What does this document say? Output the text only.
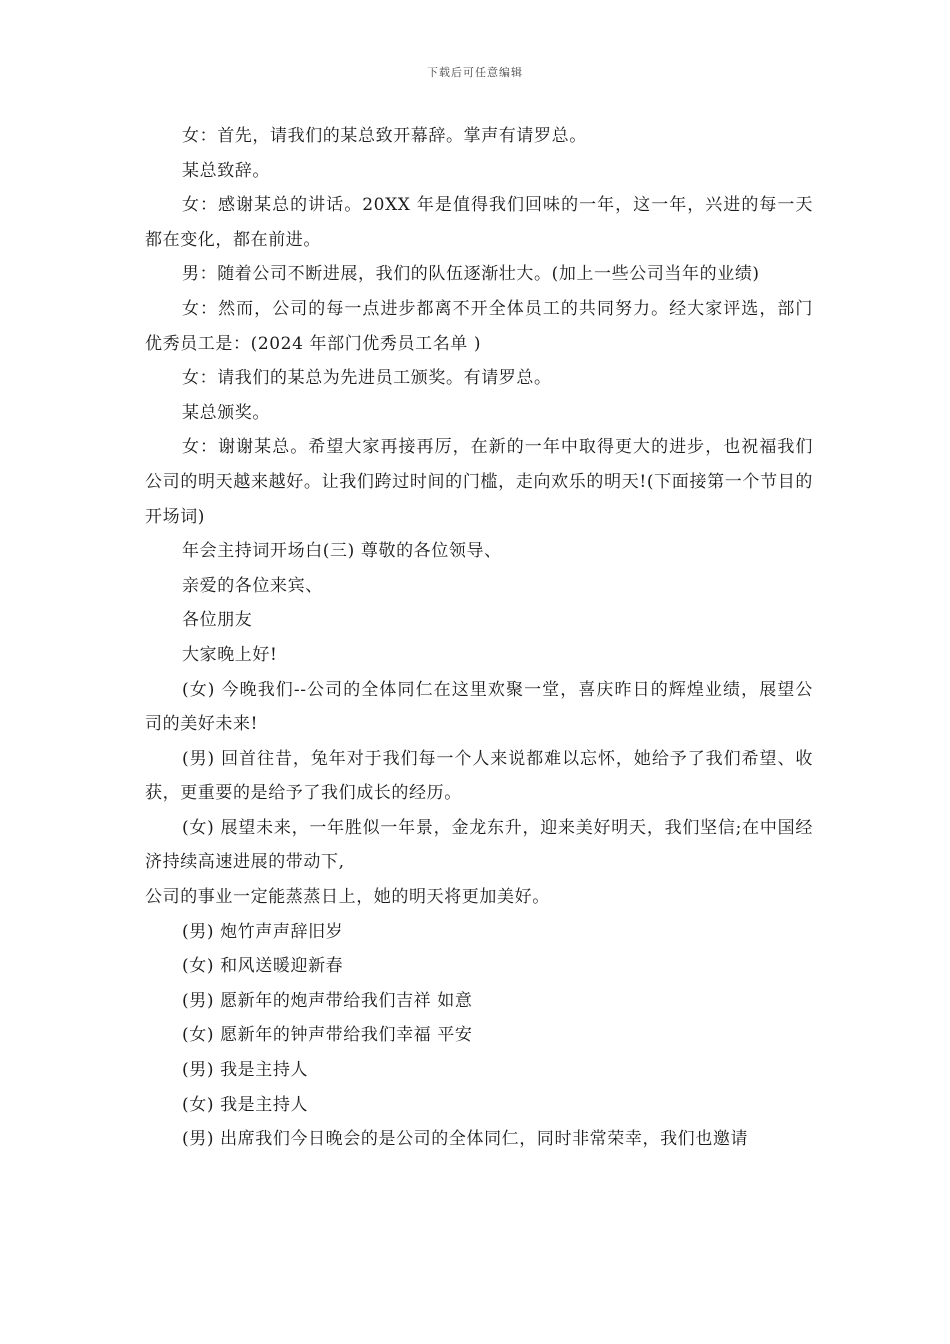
下载后可任意编辑

女：首先，请我们的某总致开幕辞。掌声有请罗总。

某总致辞。

女：感谢某总的讲话。20XX 年是值得我们回味的一年，这一年，兴进的每一天都在变化，都在前进。

男：随着公司不断进展，我们的队伍逐渐壮大。(加上一些公司当年的业绩)

女：然而，公司的每一点进步都离不开全体员工的共同努力。经大家评选，部门优秀员工是：(2024 年部门优秀员工名单 )

女：请我们的某总为先进员工颁奖。有请罗总。

某总颁奖。

女：谢谢某总。希望大家再接再厉，在新的一年中取得更大的进步，也祝福我们公司的明天越来越好。让我们跨过时间的门槛，走向欢乐的明天!(下面接第一个节目的开场词)

年会主持词开场白(三) 尊敬的各位领导、

亲爱的各位来宾、

各位朋友

大家晚上好!

(女) 今晚我们--公司的全体同仁在这里欢聚一堂，喜庆昨日的辉煌业绩，展望公司的美好未来!

(男) 回首往昔，兔年对于我们每一个人来说都难以忘怀，她给予了我们希望、收获，更重要的是给予了我们成长的经历。

(女) 展望未来，一年胜似一年景，金龙东升，迎来美好明天，我们坚信;在中国经济持续高速进展的带动下,

公司的事业一定能蒸蒸日上，她的明天将更加美好。

(男) 炮竹声声辞旧岁

(女) 和风送暖迎新春

(男) 愿新年的炮声带给我们吉祥 如意

(女) 愿新年的钟声带给我们幸福 平安

(男) 我是主持人

(女) 我是主持人

(男) 出席我们今日晚会的是公司的全体同仁，同时非常荣幸，我们也邀请
